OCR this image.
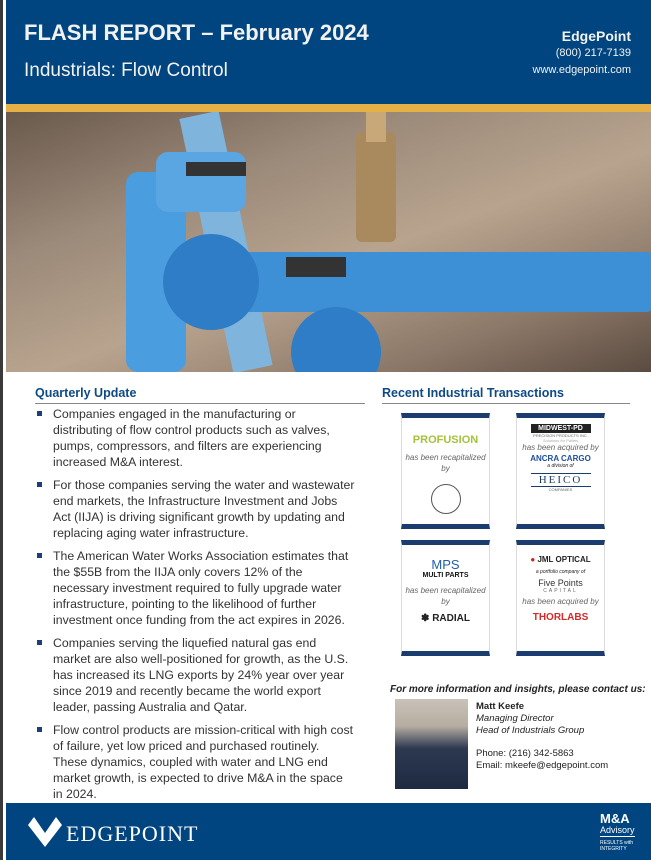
FLASH REPORT – February 2024
Industrials: Flow Control
EdgePoint
(800) 217-7139
www.edgepoint.com
Quarterly Update
Companies engaged in the manufacturing or distributing of flow control products such as valves, pumps, compressors, and filters are experiencing increased M&A interest.
For those companies serving the water and wastewater end markets, the Infrastructure Investment and Jobs Act (IIJA) is driving significant growth by updating and replacing aging water infrastructure.
The American Water Works Association estimates that the $55B from the IIJA only covers 12% of the necessary investment required to fully upgrade water infrastructure, pointing to the likelihood of further investment once funding from the act expires in 2026.
Companies serving the liquefied natural gas end market are also well-positioned for growth, as the U.S. has increased its LNG exports by 24% year over year since 2019 and recently became the world export leader, passing Australia and Qatar.
Flow control products are mission-critical with high cost of failure, yet low priced and purchased routinely. These dynamics, coupled with water and LNG end market growth, is expected to drive M&A in the space in 2024.
Recent Industrial Transactions
PROFUSION
has been recapitalized by
MIDWEST-PD
PRECISION PRODUCTS INC.
Solutions for Pallets
has been acquired by
ANCRA CARGO
a division of
HEICO
COMPANIES
MPS
MULTI PARTS
has been recapitalized by
✽ RADIAL
● JML OPTICAL
a portfolio company of
Five Points
CAPITAL
has been acquired by
THORLABS
For more information and insights, please contact us:
Matt Keefe
Managing Director
Head of Industrials Group
Phone: (216) 342-5863
Email: mkeefe@edgepoint.com
EDGEPOINT
M&A
Advisory
RESULTS with INTEGRITY
